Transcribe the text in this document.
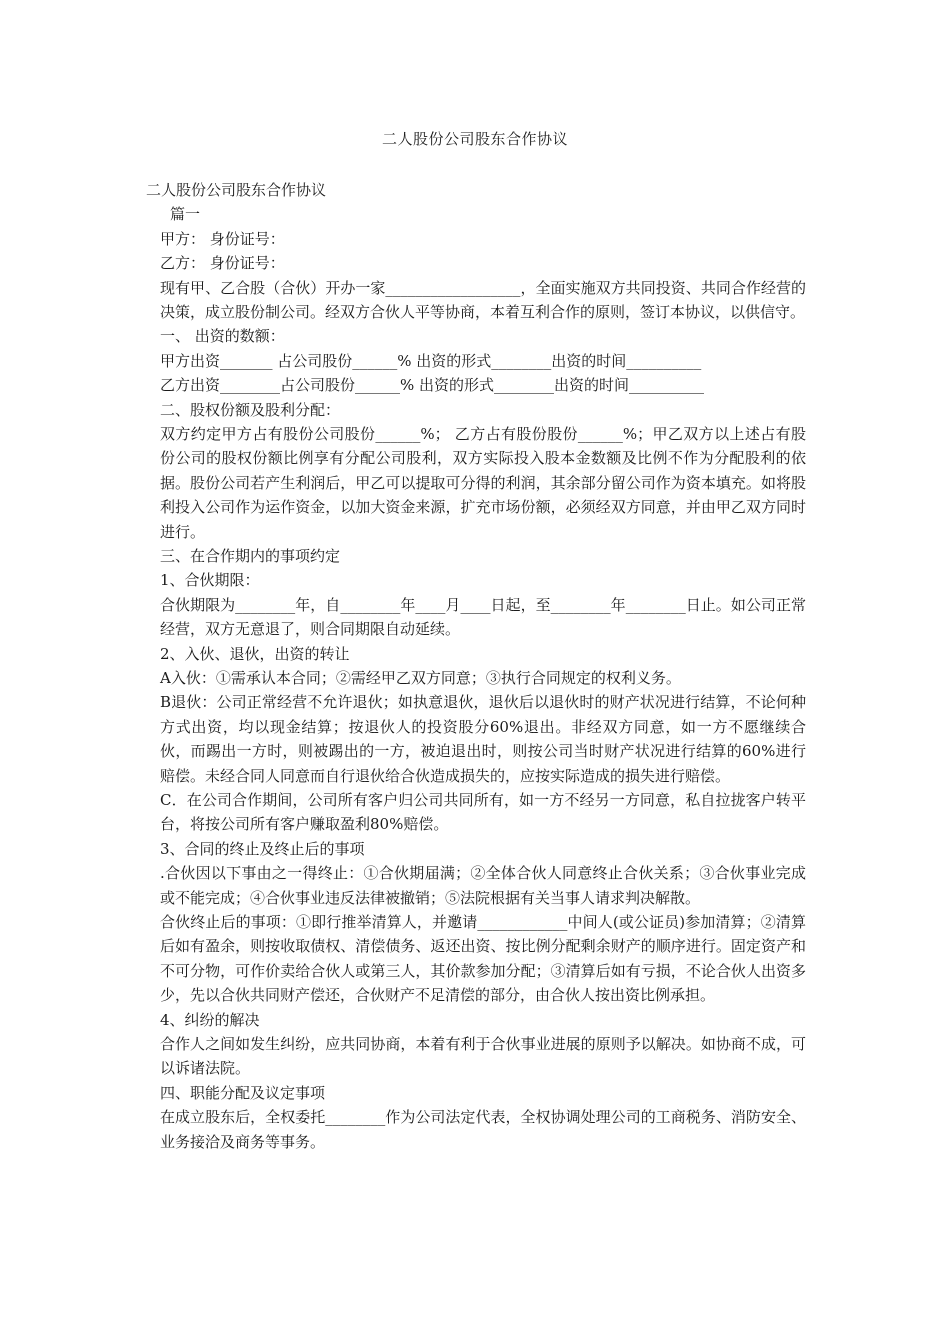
二人股份公司股东合作协议
二人股份公司股东合作协议
篇一
甲方： 身份证号：
乙方： 身份证号：
现有甲、乙合股（合伙）开办一家__________________，全面实施双方共同投资、共同合作经营的决策，成立股份制公司。经双方合伙人平等协商，本着互利合作的原则，签订本协议，以供信守。
一、 出资的数额：
甲方出资_______ 占公司股份______% 出资的形式________出资的时间__________
乙方出资________占公司股份______% 出资的形式________出资的时间__________
二、股权份额及股利分配：
双方约定甲方占有股份公司股份______%； 乙方占有股份股份______%；甲乙双方以上述占有股份公司的股权份额比例享有分配公司股利，双方实际投入股本金数额及比例不作为分配股利的依据。股份公司若产生利润后，甲乙可以提取可分得的利润，其余部分留公司作为资本填充。如将股利投入公司作为运作资金，以加大资金来源，扩充市场份额，必须经双方同意，并由甲乙双方同时进行。
三、在合作期内的事项约定
1、合伙期限：
合伙期限为________年，自________年____月____日起，至________年________日止。如公司正常经营，双方无意退了，则合同期限自动延续。
2、入伙、退伙，出资的转让
A入伙：①需承认本合同；②需经甲乙双方同意；③执行合同规定的权利义务。
B退伙：公司正常经营不允许退伙；如执意退伙，退伙后以退伙时的财产状况进行结算，不论何种方式出资，均以现金结算；按退伙人的投资股分60%退出。非经双方同意，如一方不愿继续合伙，而踢出一方时，则被踢出的一方，被迫退出时，则按公司当时财产状况进行结算的60%进行赔偿。未经合同人同意而自行退伙给合伙造成损失的，应按实际造成的损失进行赔偿。
C．在公司合作期间，公司所有客户归公司共同所有，如一方不经另一方同意，私自拉拢客户转平台，将按公司所有客户赚取盈利80%赔偿。
3、合同的终止及终止后的事项
.合伙因以下事由之一得终止：①合伙期届满；②全体合伙人同意终止合伙关系；③合伙事业完成或不能完成；④合伙事业违反法律被撤销；⑤法院根据有关当事人请求判决解散。
合伙终止后的事项：①即行推举清算人，并邀请____________中间人(或公证员)参加清算；②清算后如有盈余，则按收取债权、清偿债务、返还出资、按比例分配剩余财产的顺序进行。固定资产和不可分物，可作价卖给合伙人或第三人，其价款参加分配；③清算后如有亏损，不论合伙人出资多少，先以合伙共同财产偿还，合伙财产不足清偿的部分，由合伙人按出资比例承担。
4、纠纷的解决
合作人之间如发生纠纷，应共同协商，本着有利于合伙事业进展的原则予以解决。如协商不成，可以诉诸法院。
四、职能分配及议定事项
在成立股东后，全权委托________作为公司法定代表，全权协调处理公司的工商税务、消防安全、业务接洽及商务等事务。
